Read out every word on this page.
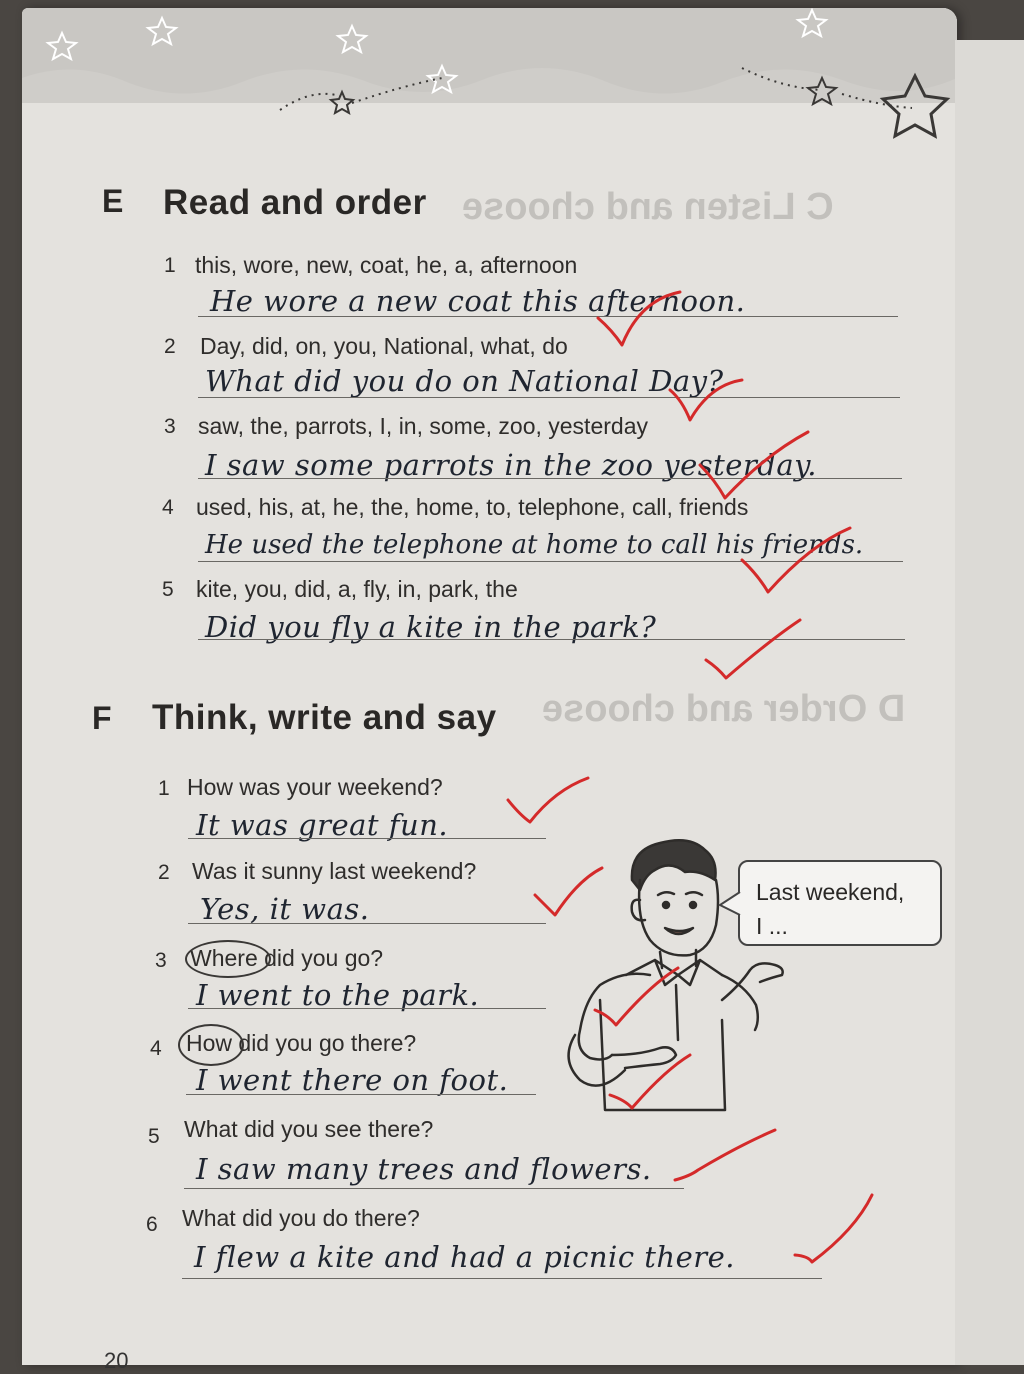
C Listen and choose
D Order and choose
E Read and order
1 this, wore, new, coat, he, a, afternoon
He wore a new coat this afternoon.
2 Day, did, on, you, National, what, do
What did you do on National Day?
3 saw, the, parrots, I, in, some, zoo, yesterday
I saw some parrots in the zoo yesterday.
4 used, his, at, he, the, home, to, telephone, call, friends
He used the telephone at home to call his friends.
5 kite, you, did, a, fly, in, park, the
Did you fly a kite in the park?
F Think, write and say
1 How was your weekend?
It was great fun.
2 Was it sunny last weekend?
Yes, it was.
3 Where did you go?
I went to the park.
4 How did you go there?
I went there on foot.
5 What did you see there?
I saw many trees and flowers.
6 What did you do there?
I flew a kite and had a picnic there.
Last weekend,
I ...
20
